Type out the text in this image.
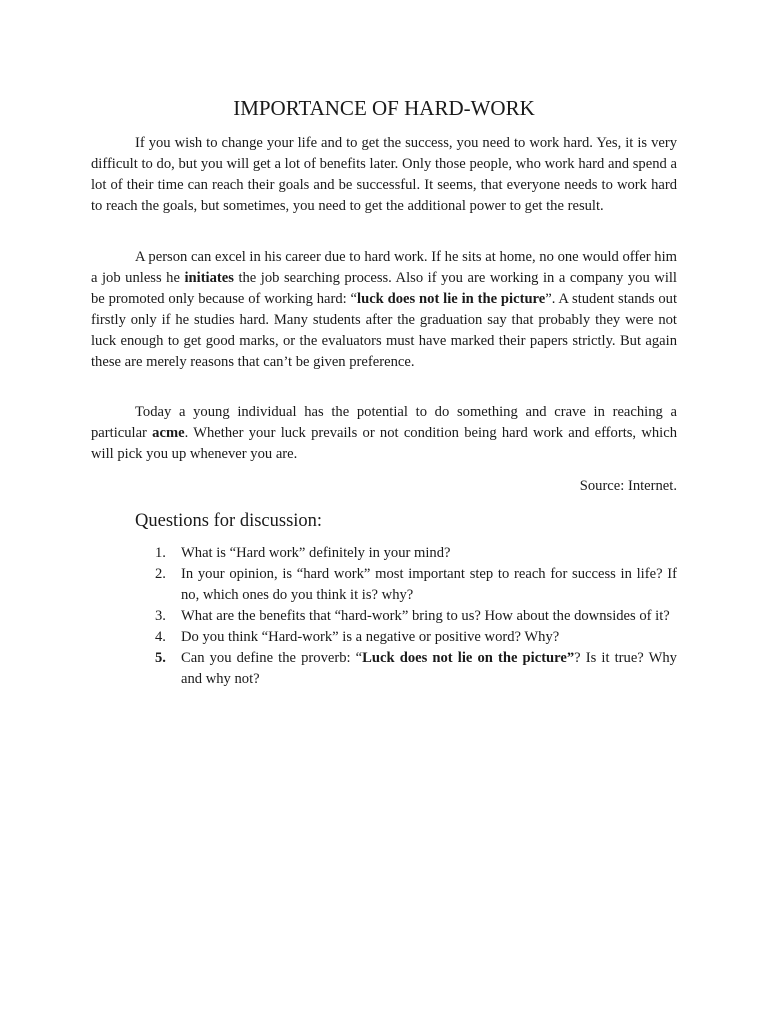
IMPORTANCE OF HARD-WORK

If you wish to change your life and to get the success, you need to work hard. Yes, it is very difficult to do, but you will get a lot of benefits later. Only those people, who work hard and spend a lot of their time can reach their goals and be successful. It seems, that everyone needs to work hard to reach the goals, but sometimes, you need to get the additional power to get the result.

A person can excel in his career due to hard work. If he sits at home, no one would offer him a job unless he initiates the job searching process. Also if you are working in a company you will be promoted only because of working hard: “luck does not lie in the picture”. A student stands out firstly only if he studies hard. Many students after the graduation say that probably they were not luck enough to get good marks, or the evaluators must have marked their papers strictly. But again these are merely reasons that can’t be given preference.

Today a young individual has the potential to do something and crave in reaching a particular acme. Whether your luck prevails or not condition being hard work and efforts, which will pick you up whenever you are.

Source: Internet.
Questions for discussion:
1.	What is “Hard work” definitely in your mind?
2.	In your opinion, is “hard work” most important step to reach for success in life? If no, which ones do you think it is? why?
3.	What are the benefits that “hard-work” bring to us? How about the downsides of it?
4.	Do you think “Hard-work” is a negative or positive word? Why?
5.	Can you define the proverb: “Luck does not lie on the picture”? Is it true? Why and why not?
